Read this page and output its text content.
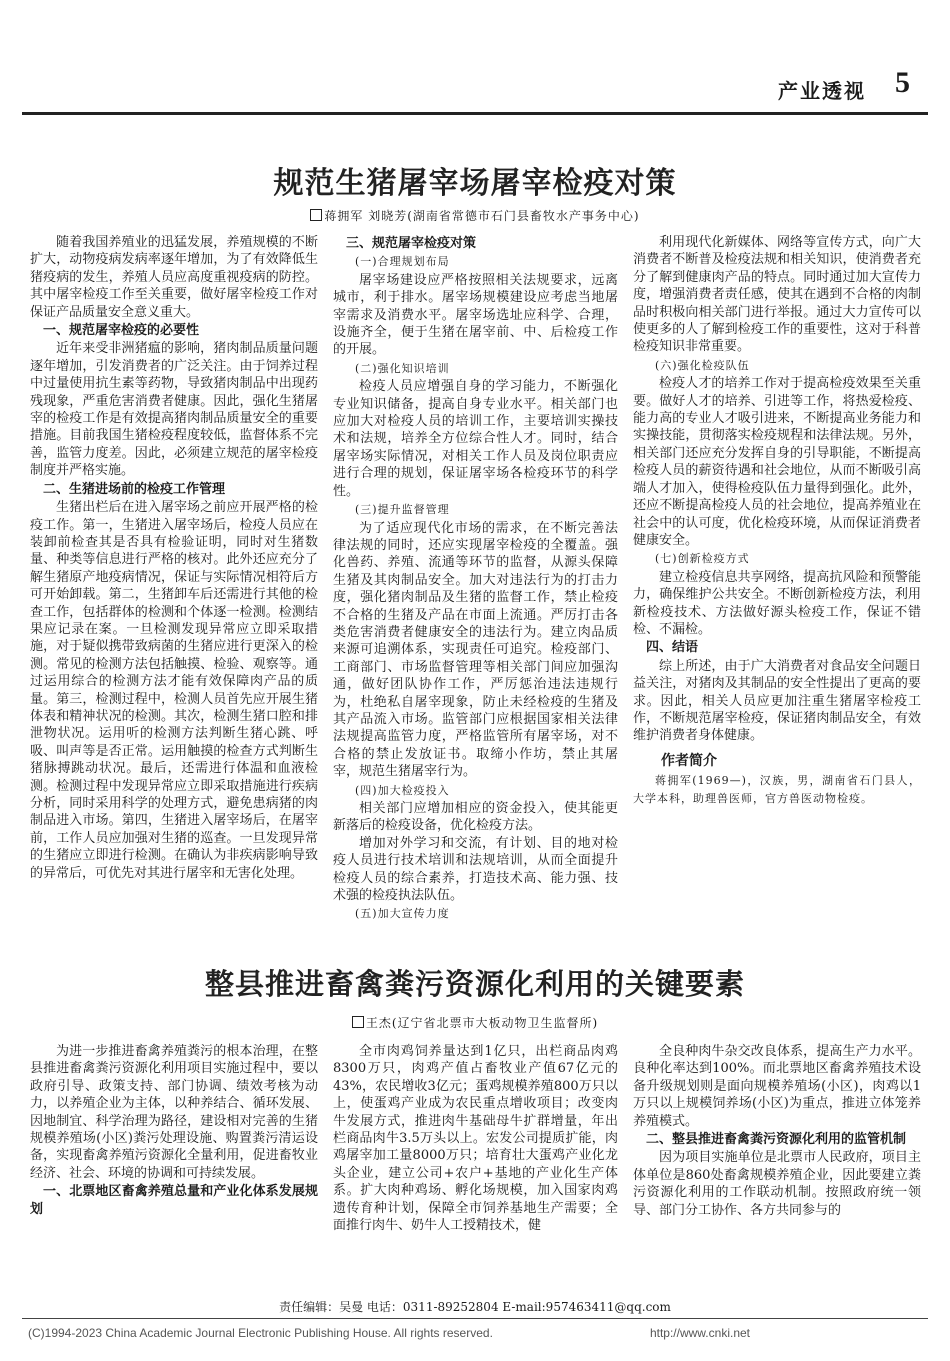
产业透视 5
规范生猪屠宰场屠宰检疫对策
蒋拥军 刘晓芳(湖南省常德市石门县畜牧水产事务中心)
随着我国养殖业的迅猛发展，养殖规模的不断扩大，动物疫病发病率逐年增加，为了有效降低生猪疫病的发生，养殖人员应高度重视疫病的防控。其中屠宰检疫工作至关重要，做好屠宰检疫工作对保证产品质量安全意义重大。
一、规范屠宰检疫的必要性
近年来受非洲猪瘟的影响，猪肉制品质量问题逐年增加，引发消费者的广泛关注。由于饲养过程中过量使用抗生素等药物，导致猪肉制品中出现药残现象，严重危害消费者健康。因此，强化生猪屠宰的检疫工作是有效提高猪肉制品质量安全的重要措施。目前我国生猪检疫程度较低，监督体系不完善，监管力度差。因此，必须建立规范的屠宰检疫制度并严格实施。
二、生猪进场前的检疫工作管理
生猪出栏后在进入屠宰场之前应开展严格的检疫工作。第一，生猪进入屠宰场后，检疫人员应在装卸前检查其是否具有检验证明，同时对生猪数量、种类等信息进行严格的核对。此外还应充分了解生猪原产地疫病情况，保证与实际情况相符后方可开始卸载。第二，生猪卸车后还需进行其他的检查工作，包括群体的检测和个体逐一检测。检测结果应记录在案。一旦检测发现异常应立即采取措施，对于疑似携带致病菌的生猪应进行更深入的检测。常见的检测方法包括触摸、检验、观察等。通过运用综合的检测方法才能有效保障肉产品的质量。第三，检测过程中，检测人员首先应开展生猪体表和精神状况的检测。其次，检测生猪口腔和排泄物状况。运用听的检测方法判断生猪心跳、呼吸、叫声等是否正常。运用触摸的检查方式判断生猪脉搏跳动状况。最后，还需进行体温和血液检测。检测过程中发现异常应立即采取措施进行疾病分析，同时采用科学的处理方式，避免患病猪的肉制品进入市场。第四，生猪进入屠宰场后，在屠宰前，工作人员应加强对生猪的巡查。一旦发现异常的生猪应立即进行检测。在确认为非疾病影响导致的异常后，可优先对其进行屠宰和无害化处理。
三、规范屠宰检疫对策
(一)合理规划布局
屠宰场建设应严格按照相关法规要求，远离城市，利于排水。屠宰场规模建设应考虑当地屠宰需求及消费水平。屠宰场选址应科学、合理，设施齐全，便于生猪在屠宰前、中、后检疫工作的开展。
(二)强化知识培训
检疫人员应增强自身的学习能力，不断强化专业知识储备，提高自身专业水平。相关部门也应加大对检疫人员的培训工作，主要培训实操技术和法规，培养全方位综合性人才。同时，结合屠宰场实际情况，对相关工作人员及岗位职责应进行合理的规划，保证屠宰场各检疫环节的科学性。
(三)提升监督管理
为了适应现代化市场的需求，在不断完善法律法规的同时，还应实现屠宰检疫的全覆盖。强化兽药、养殖、流通等环节的监督，从源头保障生猪及其肉制品安全。加大对违法行为的打击力度，强化猪肉制品及生猪的监督工作，禁止检疫不合格的生猪及产品在市面上流通。严厉打击各类危害消费者健康安全的违法行为。建立肉品质来源可追溯体系，实现责任可追究。检疫部门、工商部门、市场监督管理等相关部门间应加强沟通，做好团队协作工作，严厉惩治违法违规行为，杜绝私自屠宰现象，防止未经检疫的生猪及其产品流入市场。监管部门应根据国家相关法律法规提高监管力度，严格监管所有屠宰场，对不合格的禁止发放证书。取缔小作坊，禁止其屠宰，规范生猪屠宰行为。
(四)加大检疫投入
相关部门应增加相应的资金投入，使其能更新落后的检疫设备，优化检疫方法。
增加对外学习和交流，有计划、目的地对检疫人员进行技术培训和法规培训，从而全面提升检疫人员的综合素养，打造技术高、能力强、技术强的检疫执法队伍。
(五)加大宣传力度
利用现代化新媒体、网络等宣传方式，向广大消费者不断普及检疫法规和相关知识，使消费者充分了解到健康肉产品的特点。同时通过加大宣传力度，增强消费者责任感，使其在遇到不合格的肉制品时积极向相关部门进行举报。通过大力宣传可以使更多的人了解到检疫工作的重要性，这对于科普检疫知识非常重要。
(六)强化检疫队伍
检疫人才的培养工作对于提高检疫效果至关重要。做好人才的培养、引进等工作，将热爱检疫、能力高的专业人才吸引进来，不断提高业务能力和实操技能，贯彻落实检疫规程和法律法规。另外，相关部门还应充分发挥自身的引导职能，不断提高检疫人员的薪资待遇和社会地位，从而不断吸引高端人才加入，使得检疫队伍力量得到强化。此外，还应不断提高检疫人员的社会地位，提高养殖业在社会中的认可度，优化检疫环境，从而保证消费者健康安全。
(七)创新检疫方式
建立检疫信息共享网络，提高抗风险和预警能力，确保维护公共安全。不断创新检疫方法，利用新检疫技术、方法做好源头检疫工作，保证不错检、不漏检。
四、结语
综上所述，由于广大消费者对食品安全问题日益关注，对猪肉及其制品的安全性提出了更高的要求。因此，相关人员应更加注重生猪屠宰检疫工作，不断规范屠宰检疫，保证猪肉制品安全，有效维护消费者身体健康。
作者简介
蒋拥军(1969—)，汉族，男，湖南省石门县人，大学本科，助理兽医师，官方兽医动物检疫。
整县推进畜禽粪污资源化利用的关键要素
王杰(辽宁省北票市大板动物卫生监督所)
为进一步推进畜禽养殖粪污的根本治理，在整县推进畜禽粪污资源化利用项目实施过程中，要以政府引导、政策支持、部门协调、绩效考核为动力，以养殖企业为主体，以种养结合、循环发展、因地制宜、科学治理为路径，建设相对完善的生猪规模养殖场(小区)粪污处理设施、购置粪污清运设备，实现畜禽养殖污资源化全量利用，促进畜牧业经济、社会、环境的协调和可持续发展。
一、北票地区畜禽养殖总量和产业化体系发展规划
全市肉鸡饲养量达到1亿只，出栏商品肉鸡8300万只，肉鸡产值占畜牧业产值67亿元的43%，农民增收3亿元；蛋鸡规模养殖800万只以上，使蛋鸡产业成为农民重点增收项目；改变肉牛发展方式，推进肉牛基础母牛扩群增量，年出栏商品肉牛3.5万头以上。宏发公司提质扩能，肉鸡屠宰加工量8000万只；培育壮大蛋鸡产业化龙头企业，建立公司+农户+基地的产业化生产体系。扩大肉种鸡场、孵化场规模，加入国家肉鸡遗传育种计划，保障全市饲养基地生产需要；全面推行肉牛、奶牛人工授精技术，健
全良种肉牛杂交改良体系，提高生产力水平。良种化率达到100%。而北票地区畜禽养殖技术设备升级规划则是面向规模养殖场(小区)，肉鸡以1万只以上规模饲养场(小区)为重点，推进立体笼养养殖模式。
二、整县推进畜禽粪污资源化利用的监管机制
因为项目实施单位是北票市人民政府，项目主体单位是860处畜禽规模养殖企业，因此要建立粪污资源化利用的工作联动机制。按照政府统一领导、部门分工协作、各方共同参与的
责任编辑：吴曼 电话：0311-89252804 E-mail:957463411@qq.com
(C)1994-2023 China Academic Journal Electronic Publishing House. All rights reserved.	http://www.cnki.net
